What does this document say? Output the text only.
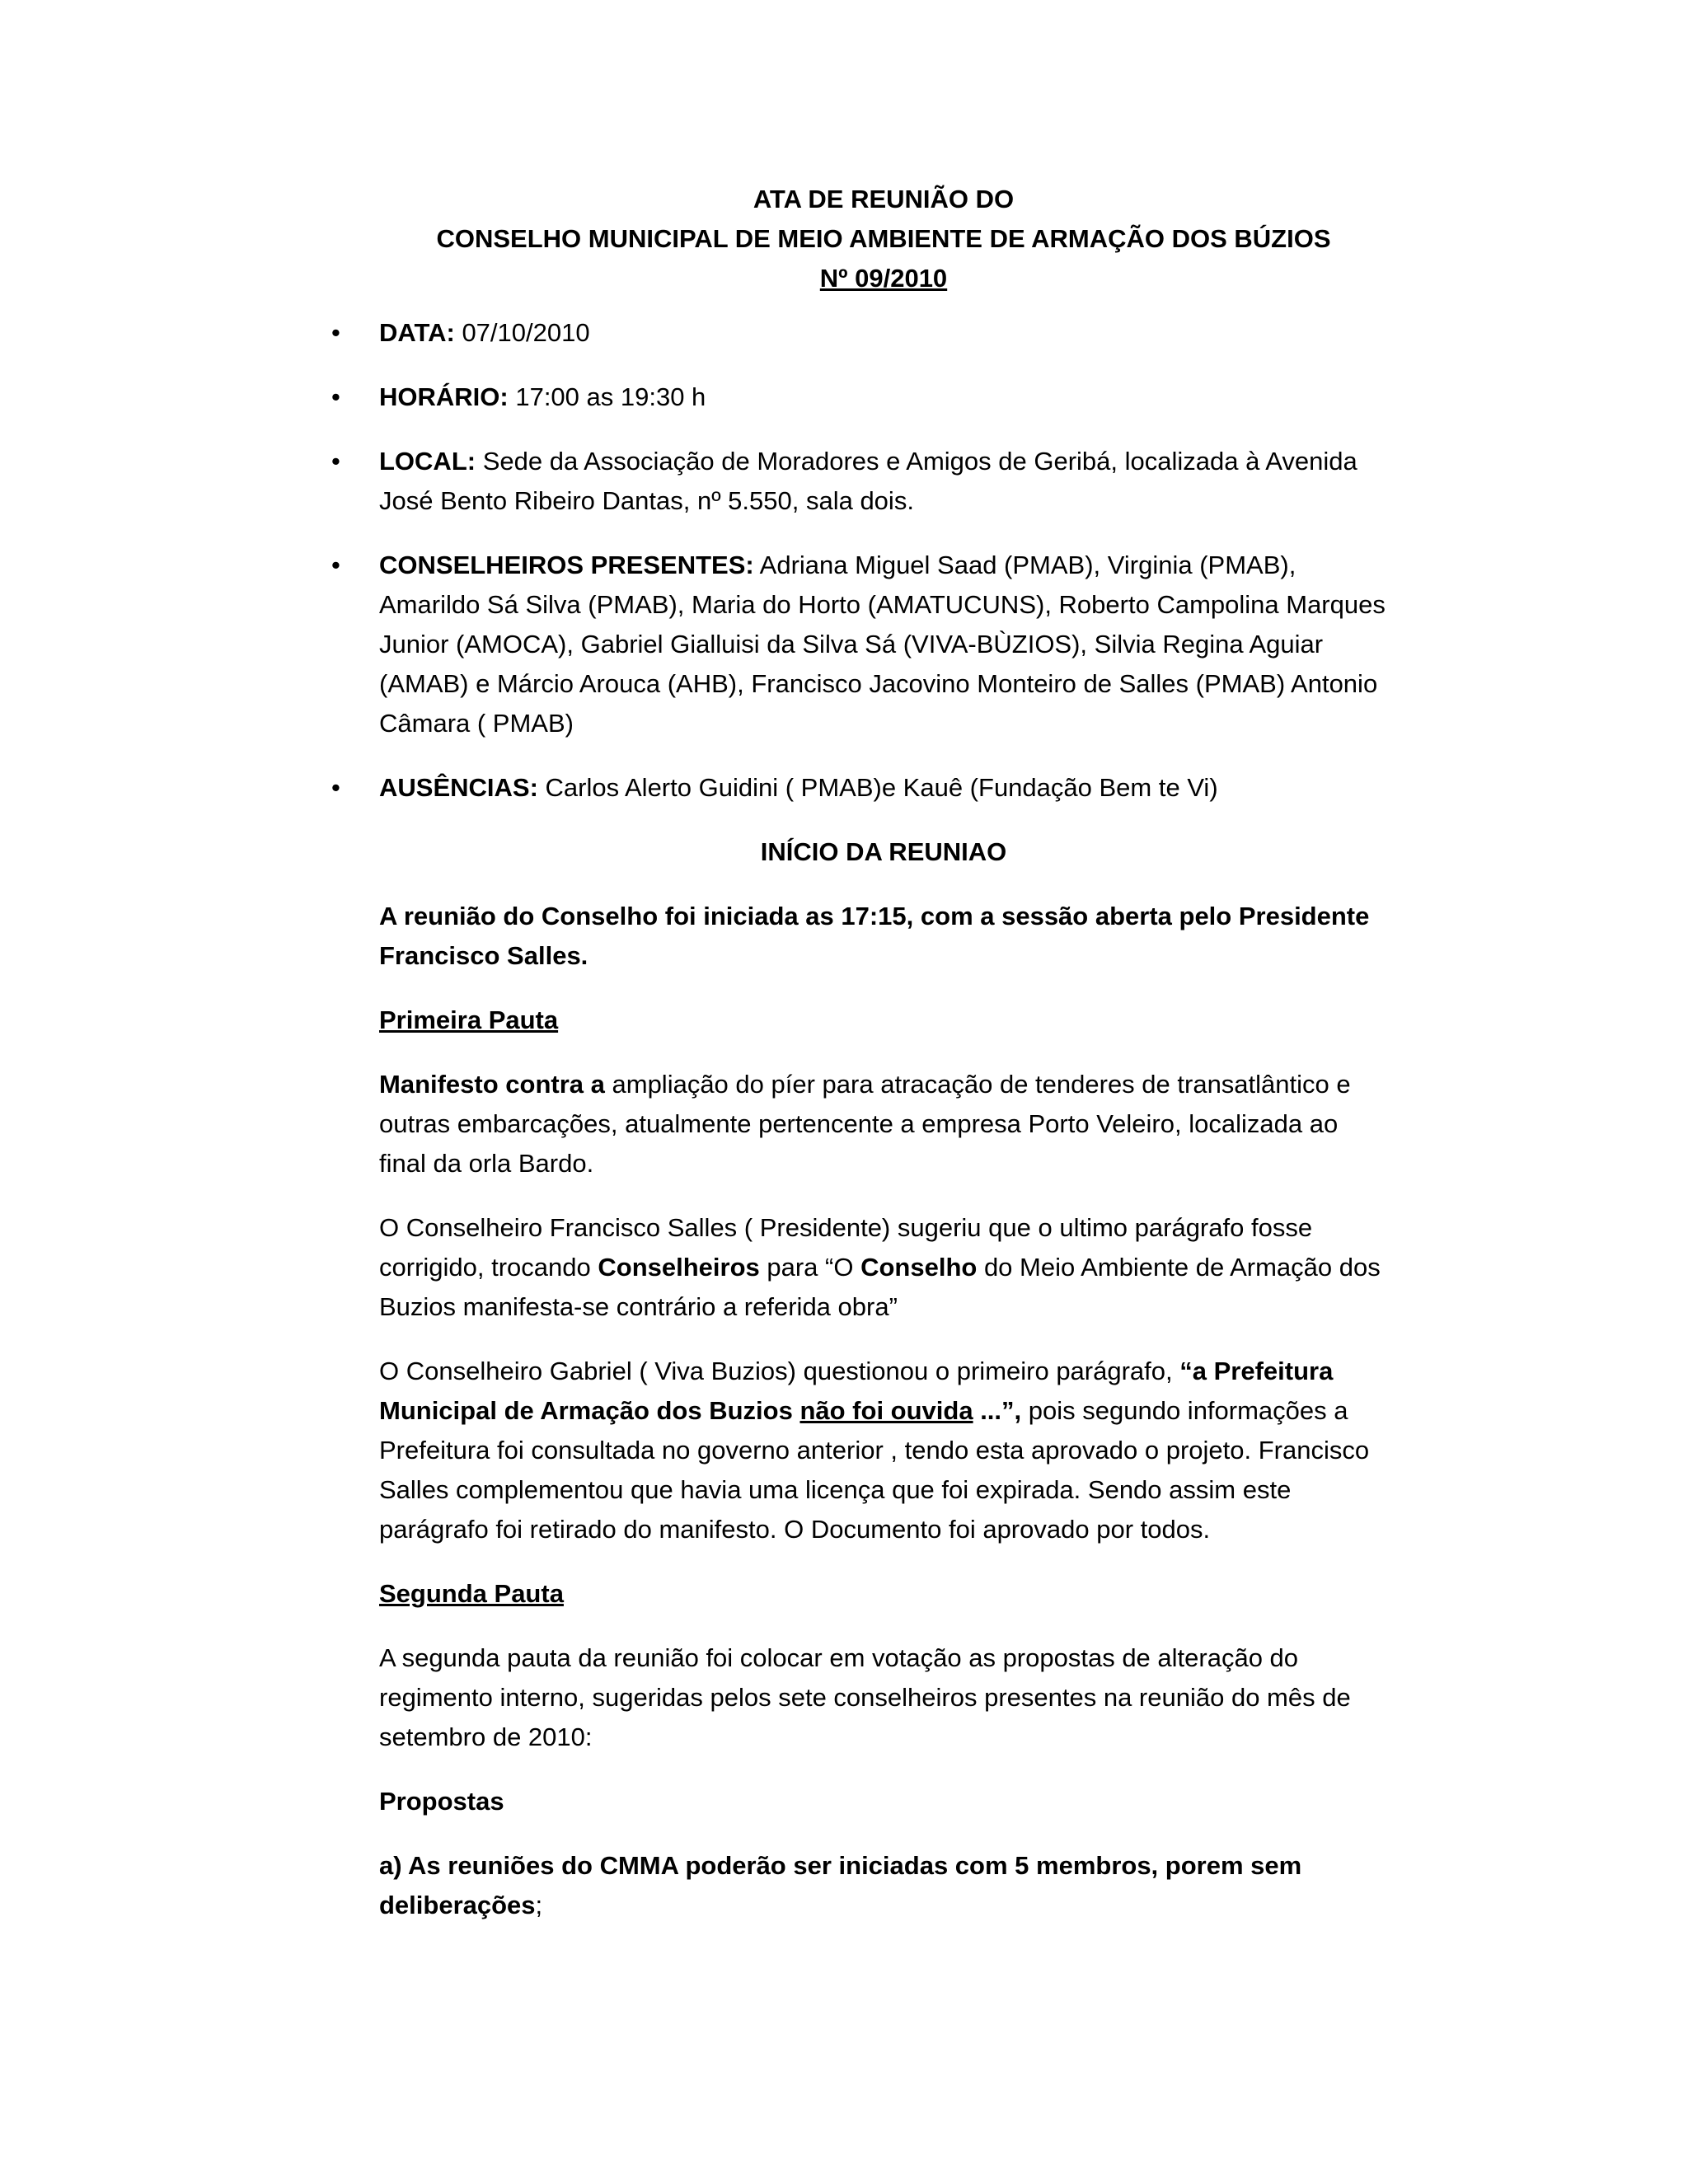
ATA DE REUNIÃO DO
CONSELHO MUNICIPAL DE MEIO AMBIENTE DE ARMAÇÃO DOS BÚZIOS
Nº 09/2010
• DATA: 07/10/2010
• HORÁRIO: 17:00 as 19:30 h
• LOCAL: Sede da Associação de Moradores e Amigos de Geribá, localizada à Avenida José Bento Ribeiro Dantas, nº 5.550, sala dois.
• CONSELHEIROS PRESENTES: Adriana Miguel Saad (PMAB), Virginia (PMAB), Amarildo Sá Silva (PMAB), Maria do Horto (AMATUCUNS), Roberto Campolina Marques Junior (AMOCA), Gabriel Gialluisi da Silva Sá (VIVA-BÙZIOS), Silvia Regina Aguiar (AMAB) e Márcio Arouca (AHB), Francisco Jacovino Monteiro de Salles (PMAB) Antonio Câmara ( PMAB)
• AUSÊNCIAS: Carlos Alerto Guidini ( PMAB)e Kauê (Fundação Bem te Vi)
INÍCIO DA REUNIAO

A reunião do Conselho foi iniciada as 17:15, com a sessão aberta pelo Presidente Francisco Salles.

Primeira Pauta

Manifesto contra a ampliação do píer para atracação de tenderes de transatlântico e outras embarcações, atualmente pertencente a empresa Porto Veleiro, localizada ao final da orla Bardo.

O Conselheiro Francisco Salles ( Presidente) sugeriu que o ultimo parágrafo fosse corrigido, trocando Conselheiros para “O Conselho do Meio Ambiente de Armação dos Buzios manifesta-se contrário a referida obra”

O Conselheiro Gabriel ( Viva Buzios) questionou o primeiro parágrafo, “a Prefeitura Municipal de Armação dos Buzios não foi ouvida ...”, pois segundo informações a Prefeitura foi consultada no governo anterior , tendo esta aprovado o projeto. Francisco Salles complementou que havia uma licença que foi expirada. Sendo assim este parágrafo foi retirado do manifesto. O Documento foi aprovado por todos.

Segunda Pauta

A segunda pauta da reunião foi colocar em votação as propostas de alteração do regimento interno, sugeridas pelos sete conselheiros presentes na reunião do mês de setembro de 2010:

Propostas

a) As reuniões do CMMA poderão ser iniciadas com 5 membros, porem sem deliberações;
